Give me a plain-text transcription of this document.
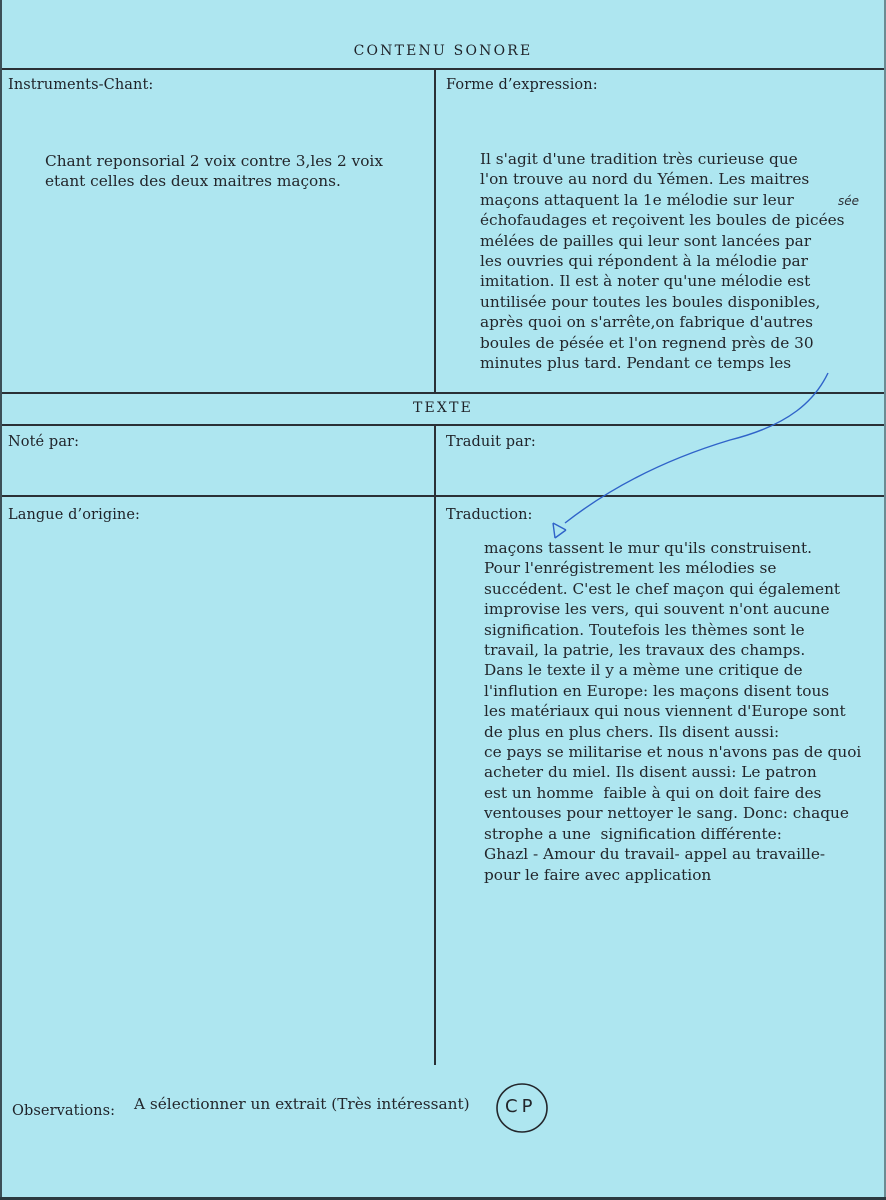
CONTENU SONORE
Instruments-Chant:	Forme d’expression:
Chant reponsorial 2 voix contre 3,les 2 voix
etant celles des deux maitres maçons.
Il s'agit d'une tradition très curieuse que
l'on trouve au nord du Yémen. Les maitres
maçons attaquent la 1e mélodie sur leur
échofaudages et reçoivent les boules de picées
mélées de pailles qui leur sont lancées par
les ouvries qui répondent à la mélodie par
imitation. Il est à noter qu'une mélodie est
untilisée pour toutes les boules disponibles,
après quoi on s'arrête,on fabrique d'autres
boules de pésée et l'on regnend près de 30
minutes plus tard. Pendant ce temps les
TEXTE
Noté par:	Traduit par:
Langue d’origine:	Traduction:
maçons tassent le mur qu'ils construisent.
Pour l'enrégistrement les mélodies se
succédent. C'est le chef maçon qui également
improvise les vers, qui souvent n'ont aucune
signification. Toutefois les thèmes sont le
travail, la patrie, les travaux des champs.
Dans le texte il y a mème une critique de
l'inflution en Europe: les maçons disent tous
les matériaux qui nous viennent d'Europe sont
de plus en plus chers. Ils disent aussi:
ce pays se militarise et nous n'avons pas de quoi
acheter du miel. Ils disent aussi: Le patron
est un homme  faible à qui on doit faire des
ventouses pour nettoyer le sang. Donc: chaque
strophe a une  signification différente:
Ghazl - Amour du travail- appel au travaille-
pour le faire avec application
Observations: A sélectionner un extrait (Très intéressant)
sée
CP
